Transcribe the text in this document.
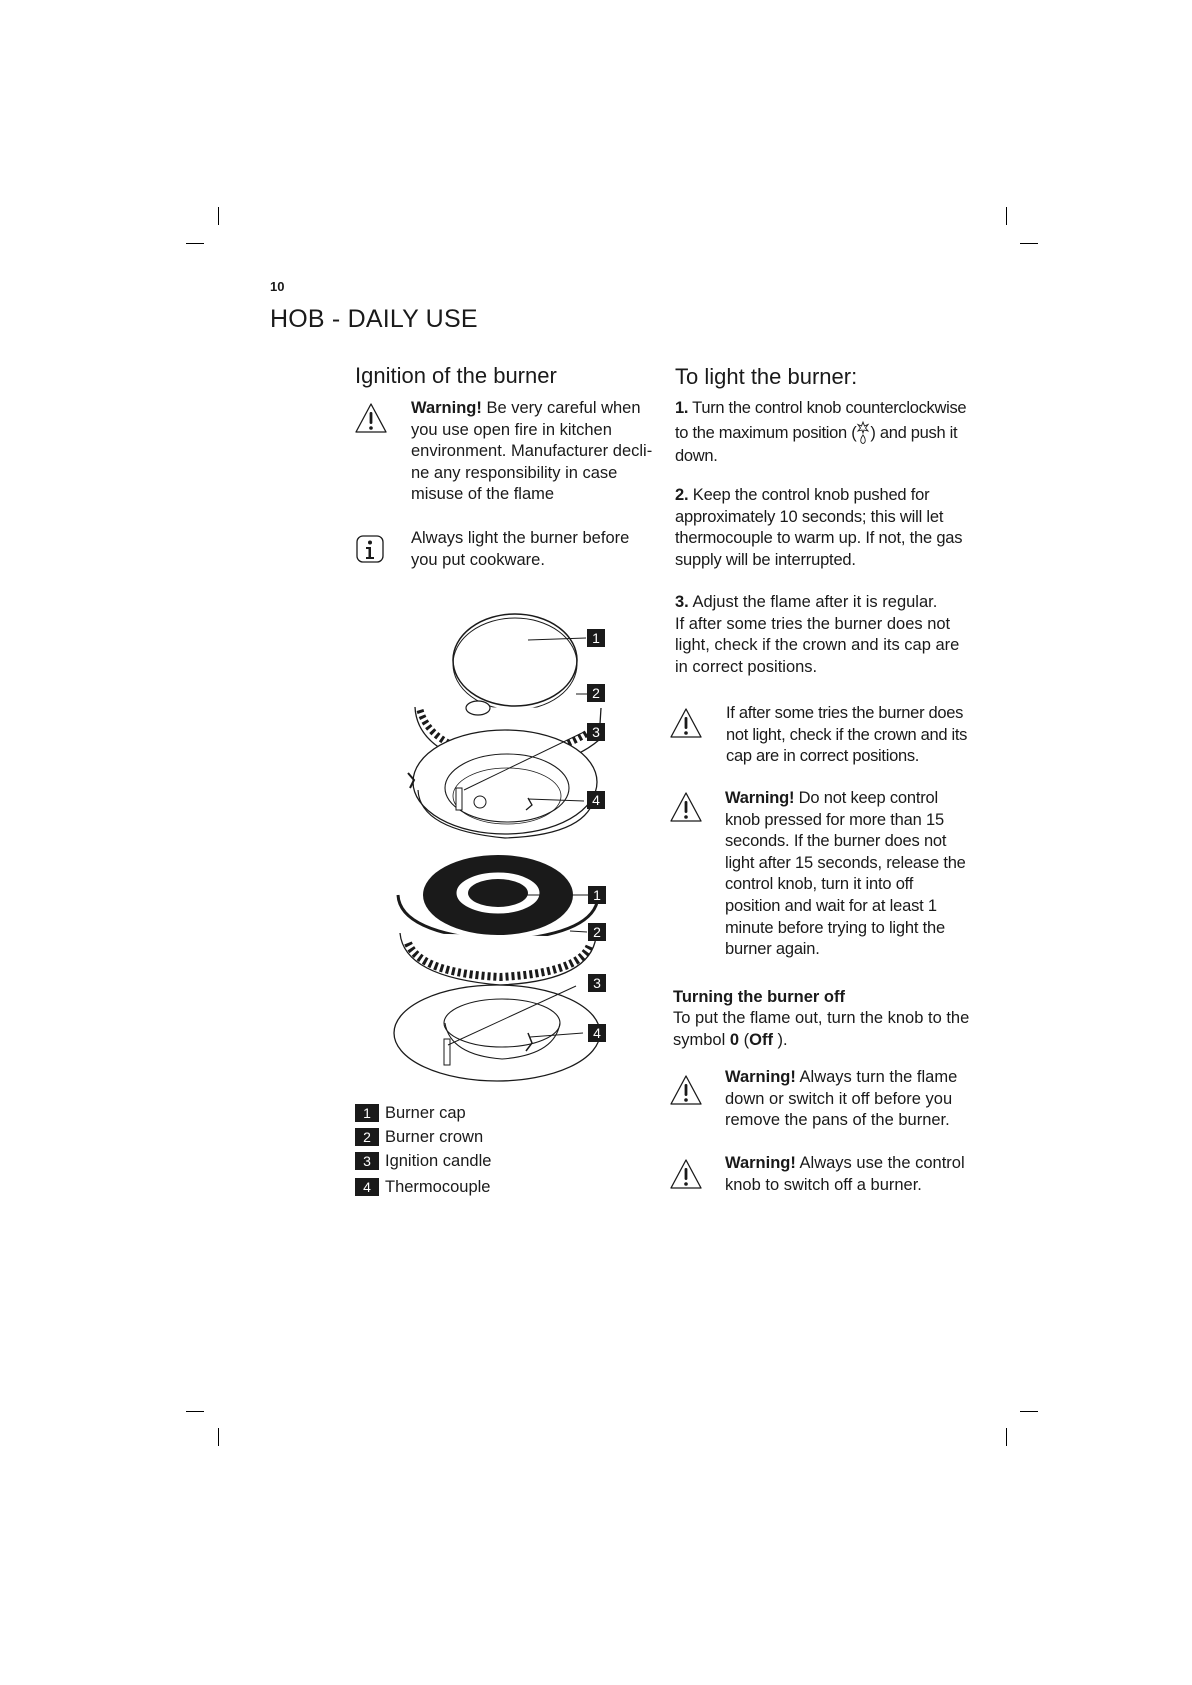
10
HOB - DAILY USE
Ignition of the burner

Warning! Be very careful when you use open fire in kitchen environment. Manufacturer decli-ne any responsibility in case misuse of the flame

Always light the burner before you put cookware.
1
2
3
4
1
2
3
4
1 Burner cap
2 Burner crown
3 Ignition candle
4 Thermocouple
To light the burner:

1. Turn the control knob counterclockwise to the maximum position ( ) and push it down.

2. Keep the control knob pushed for approximately 10 seconds; this will let thermocouple to warm up. If not, the gas supply will be interrupted.

3. Adjust the flame after it is regular.

If after some tries the burner does not light, check if the crown and its cap are in correct positions.

If after some tries the burner does not light, check if the crown and its cap are in correct positions.

Warning! Do not keep control knob pressed for more than 15 seconds. If the burner does not light after 15 seconds, release the control knob, turn it into off position and wait for at least 1 minute before trying to light the burner again.

Turning the burner off

To put the flame out, turn the knob to the symbol 0 (Off ).

Warning! Always turn the flame down or switch it off before you remove the pans of the burner.

Warning! Always use the control knob to switch off a burner.
